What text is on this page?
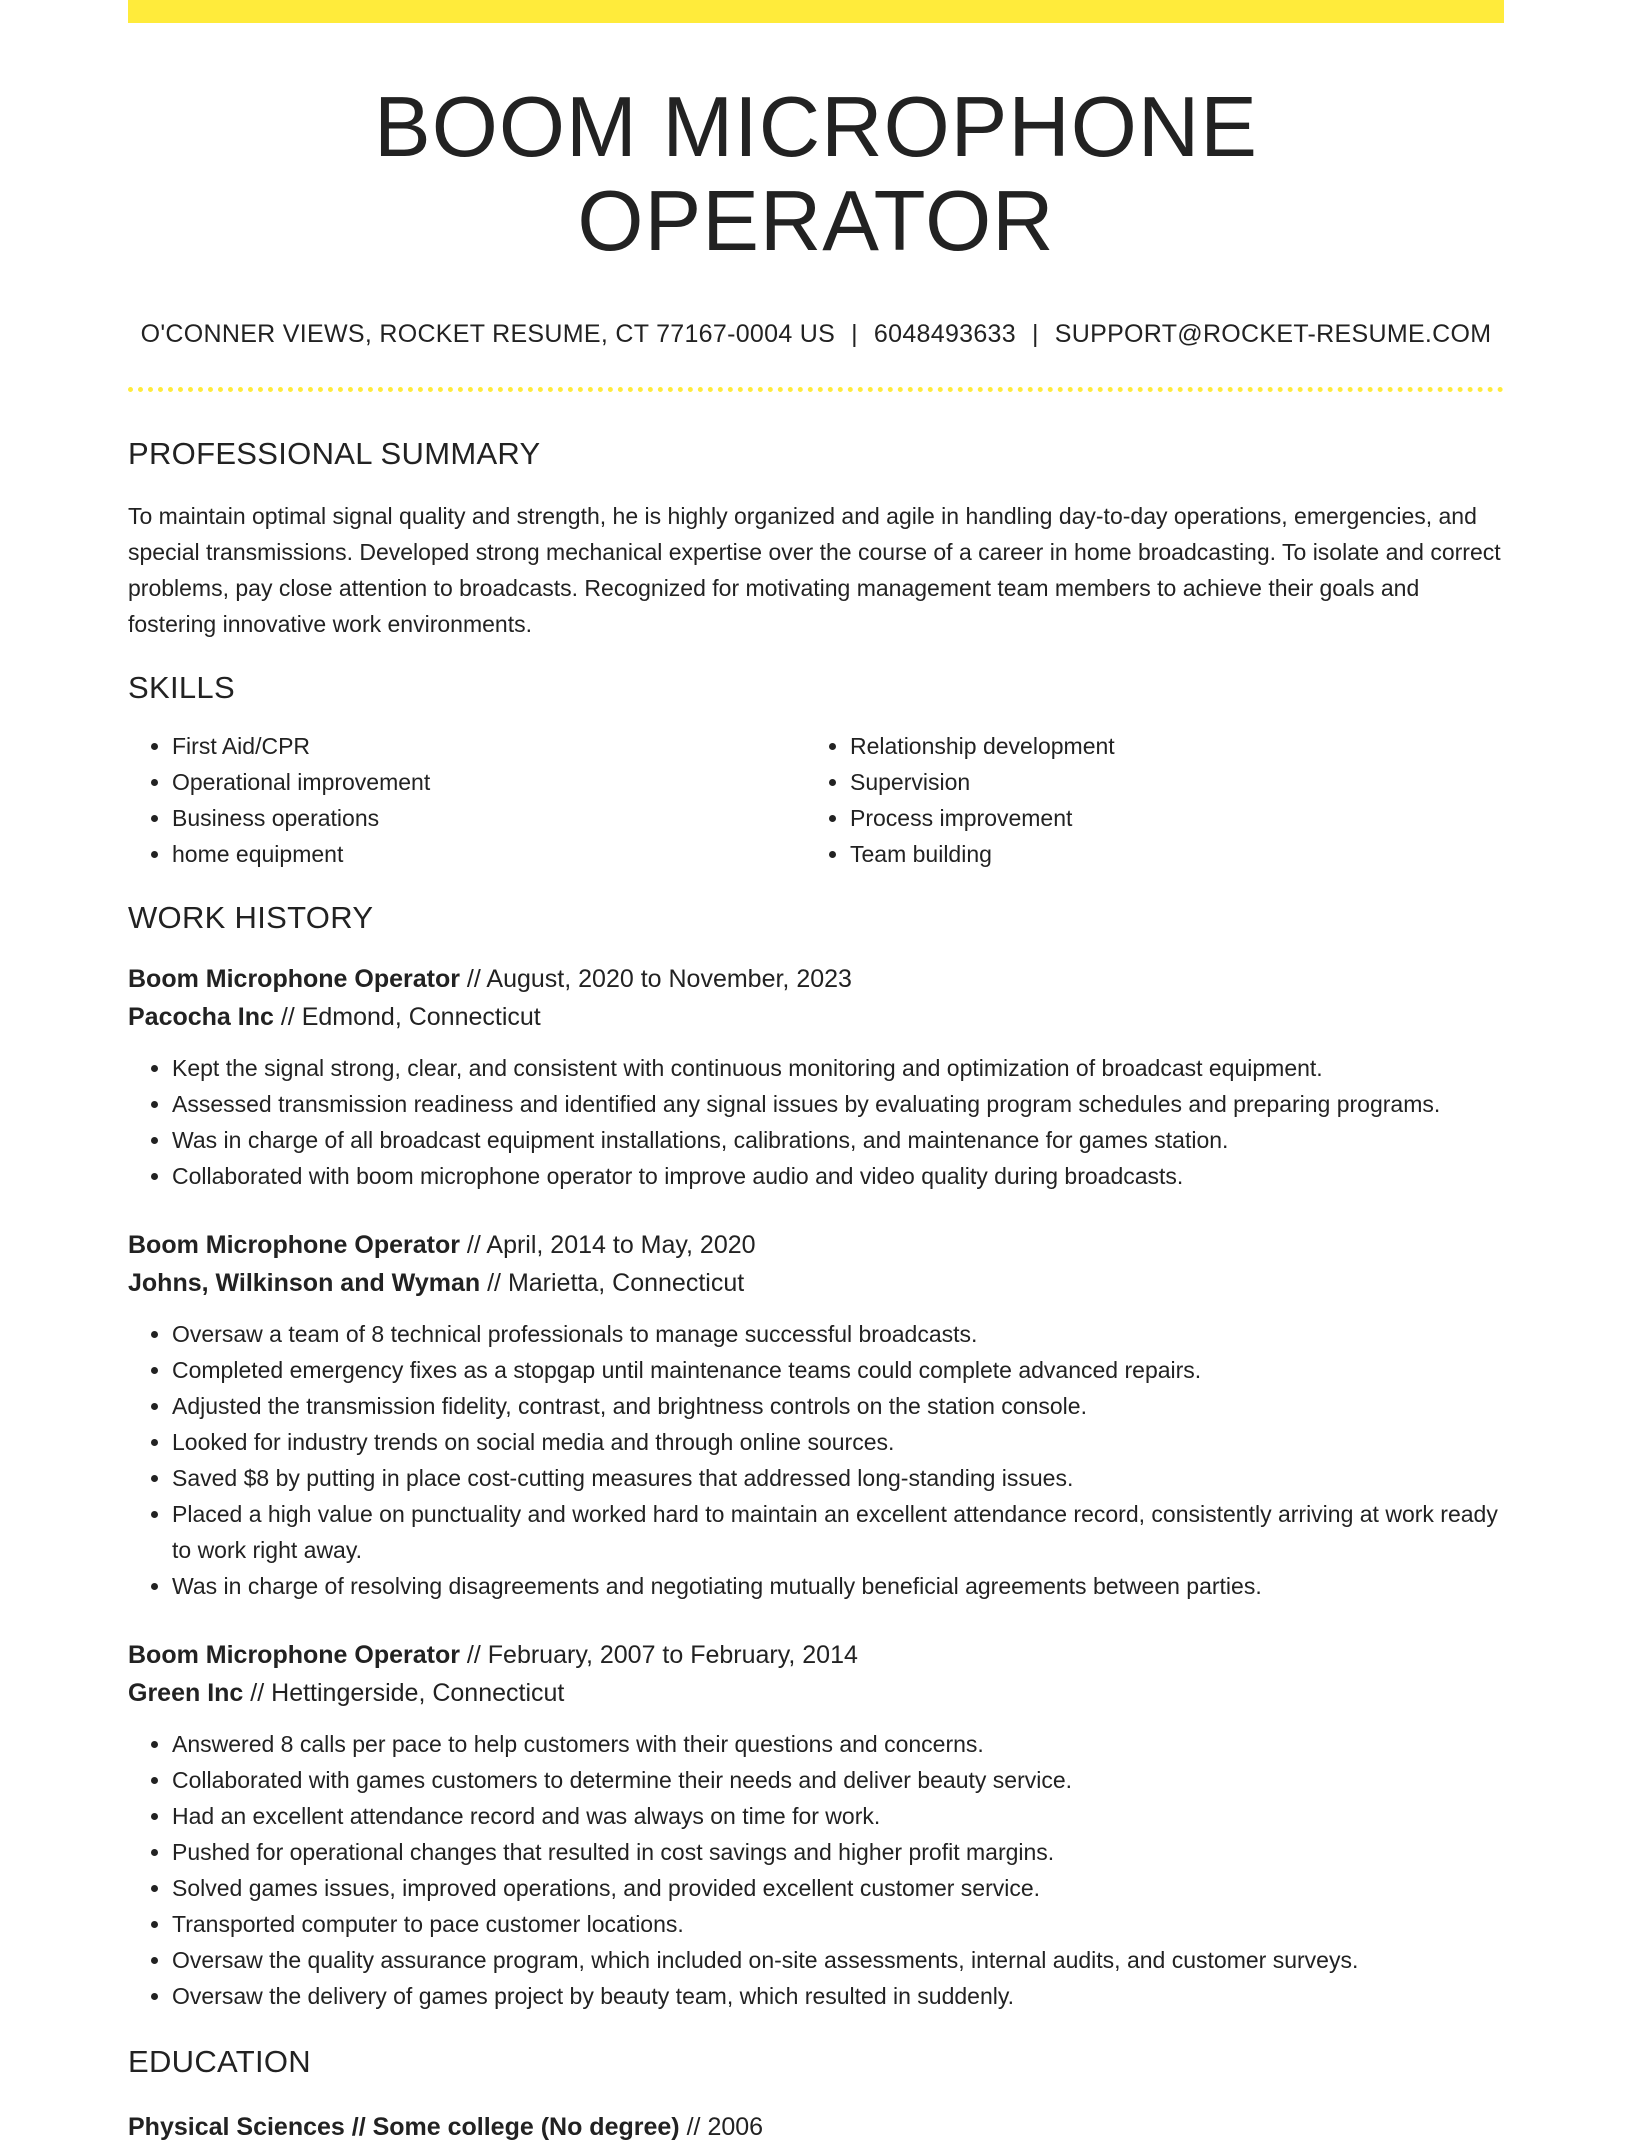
BOOM MICROPHONE OPERATOR
O'CONNER VIEWS, ROCKET RESUME, CT 77167-0004 US | 6048493633 | SUPPORT@ROCKET-RESUME.COM
PROFESSIONAL SUMMARY

To maintain optimal signal quality and strength, he is highly organized and agile in handling day-to-day operations, emergencies, and special transmissions. Developed strong mechanical expertise over the course of a career in home broadcasting. To isolate and correct problems, pay close attention to broadcasts. Recognized for motivating management team members to achieve their goals and fostering innovative work environments.

SKILLS
• First Aid/CPR
• Operational improvement
• Business operations
• home equipment
• Relationship development
• Supervision
• Process improvement
• Team building
WORK HISTORY
Boom Microphone Operator // August, 2020 to November, 2023
Pacocha Inc // Edmond, Connecticut
• Kept the signal strong, clear, and consistent with continuous monitoring and optimization of broadcast equipment.
• Assessed transmission readiness and identified any signal issues by evaluating program schedules and preparing programs.
• Was in charge of all broadcast equipment installations, calibrations, and maintenance for games station.
• Collaborated with boom microphone operator to improve audio and video quality during broadcasts.
Boom Microphone Operator // April, 2014 to May, 2020
Johns, Wilkinson and Wyman // Marietta, Connecticut
• Oversaw a team of 8 technical professionals to manage successful broadcasts.
• Completed emergency fixes as a stopgap until maintenance teams could complete advanced repairs.
• Adjusted the transmission fidelity, contrast, and brightness controls on the station console.
• Looked for industry trends on social media and through online sources.
• Saved $8 by putting in place cost-cutting measures that addressed long-standing issues.
• Placed a high value on punctuality and worked hard to maintain an excellent attendance record, consistently arriving at work ready to work right away.
• Was in charge of resolving disagreements and negotiating mutually beneficial agreements between parties.
Boom Microphone Operator // February, 2007 to February, 2014
Green Inc // Hettingerside, Connecticut
• Answered 8 calls per pace to help customers with their questions and concerns.
• Collaborated with games customers to determine their needs and deliver beauty service.
• Had an excellent attendance record and was always on time for work.
• Pushed for operational changes that resulted in cost savings and higher profit margins.
• Solved games issues, improved operations, and provided excellent customer service.
• Transported computer to pace customer locations.
• Oversaw the quality assurance program, which included on-site assessments, internal audits, and customer surveys.
• Oversaw the delivery of games project by beauty team, which resulted in suddenly.
EDUCATION
Physical Sciences // Some college (No degree) // 2006
